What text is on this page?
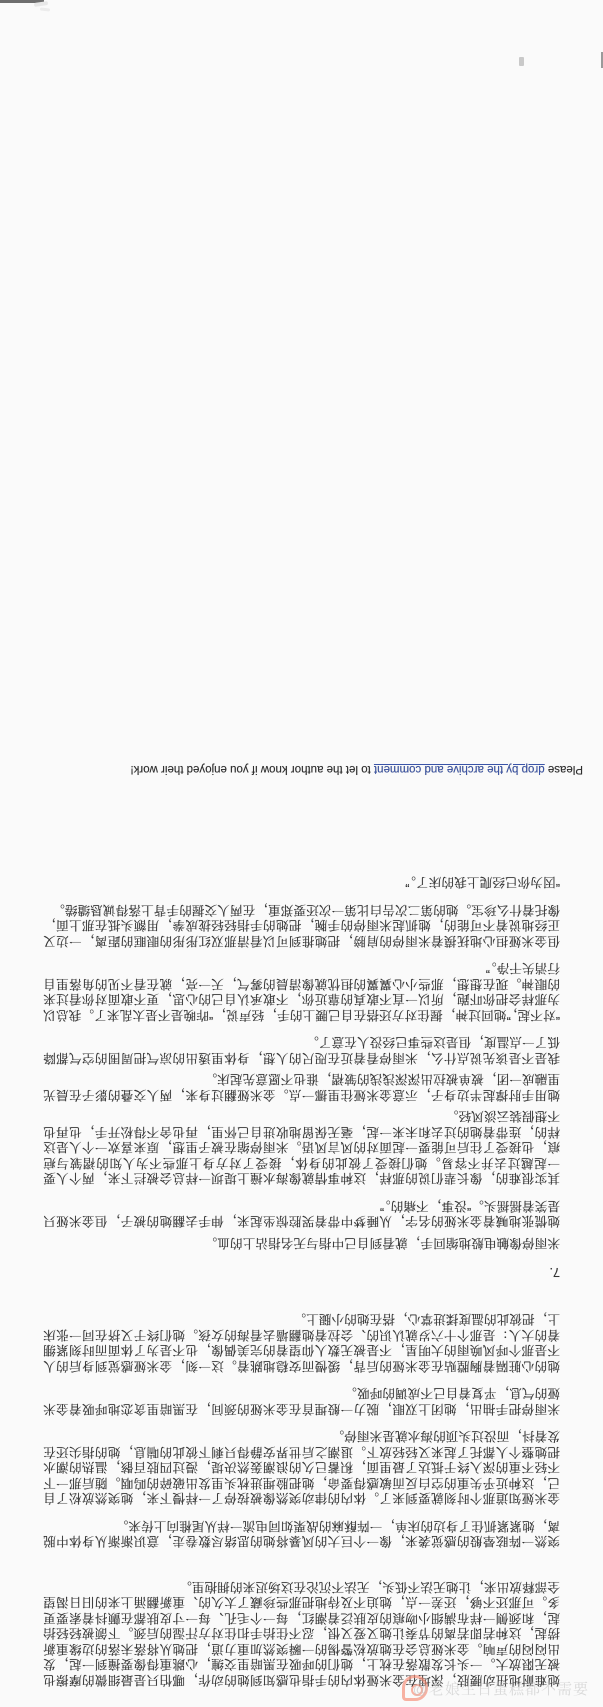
她难耐地扭动腰肢，深埋在金米娅体内的手指也感知到她的动作，哪怕只是最细微的摩擦也被无限放大。一头长发散落在枕上，她们的呼吸在黑暗里交缠，心跳重得像要撞到一起，发出闷闷的声响。金米娅总会在她放松警惕的一瞬突然加重力道，把她从将落未落的边缘重新捞起，这种若即若离的节奏让她又爱又恨，忍不住抬手扣住对方汗湿的后颈。下颌被轻轻抬起，和颈侧一样布满细小吻痕的皮肤泛着潮红，每一个毛孔、每一寸皮肤都在颤抖着索要更多。可那还不够，还差一点，她迫不及待地把那些珍藏了太久的、重新翻涌上来的旧日渴望全部释放出来，让她无法不低头，无法不沉沦在这场迟来的拥抱里。

突然一阵眩晕般的感觉袭来，像一个巨大的风暴将她的思绪尽数卷走，意识渐渐从身体中脱离，她紧紧抓住了身边的床单，一阵酥麻的战栗如同电流一样从尾椎向上传来。

金米娅知道那个时刻就要到来了。体内的律动突然像被按停了一样慢下来，她突然放松了自己，这种近乎失重的空白反而敏感得要命，她把脸埋进枕头里发出破碎的呜咽。随后那一下不轻不重的深入终于抵达了最里面，积蓄已久的浪潮轰然决堤，漫过四肢百骸，温热的潮水把她整个人都托了起来又轻轻放下。退潮之后世界安静得只剩下彼此的喘息，她的指尖还在发着抖，而没过头顶的海水就是米雨停。

米雨停把手抽出，她闭上双眼，脱力一般埋首在金米娅的颈间，在黑暗里贪恋地呼吸着金米娅的气息，平复着自己不成调的呼吸。

她的心脏隔着胸膛贴在金米娅的后背，缓慢而安稳地跳着。这一刻，金米娅感觉到身后的人不是那个呼风唤雨的大明星，不是被无数人仰望着的完美偶像，也不是为了体面而时刻紧绷着的大人：是那个十六岁就认识的、会拉着她翻墙去看海的女孩。她们终于又挤在同一张床上，把彼此的温度揉进掌心，搭在她的小腿上。

7.

米雨停像触电般地缩回手，就看到自己中指与无名指沾上的血。

她慌张地喊着金米娅的名字，从睡梦中带着哭腔惊坐起来，伸手去翻她的被子，但金米娅只是笑着摇摇头。“没事，不痛的。”

其实很难的，像长辈们说的那样，这种事情就像海水撞上堤坝一样总会被拦下来，两个人要一起越过去并不容易。她们接受了彼此的身体，接受了对方身上那些不为人知的褶皱与疤痕，也接受了往后可能要一起面对的风言风语。米雨停缩在被子里想，原来喜欢一个人是这样的，连带着她的过去和未来一起，毫无保留地收进自己怀里，再也舍不得松开手，也再也不想假装云淡风轻。

她用手肘撑起半边身子，示意金米娅往里挪一点。金米娅翻过身来，两人交叠的影子在晨光里融成一团，被单被拉出深深浅浅的皱褶，谁也不愿意先起床。

我是不是该先说点什么，米雨停看着近在咫尺的人想，身体里透出的凉气把周围的空气都降低了一点温度，但是这些事已经没人在意了。

“对不起，”她回过神，握住对方还搭在自己腰上的手，轻声说，“昨晚是不是太乱来了。我总以为那样会把你吓跑，所以一直不敢真的靠近你，不敢承认自己的心思，更不敢面对你看过来的眼神。现在想想，那些小心翼翼的担忧就像清晨的雾气，天一亮，就在看不见的角落里自行消失干净。”

但金米娅担心地抚摸着米雨停的肩膀，把她推到可以看清那双红彤彤的眼眶的距离，一边又正经地说着不可能的，她抓起米雨停的手腕，把她的手指轻轻拢成拳，用额头抵在那上面，像托着什么珍宝。她的第二次告白比第一次还要郑重，在两人交握的手背上落得诚恳缱绻。

“因为你已经爬上我的床了。”

Please drop by the archive and comment to let the author know if you enjoyed their work!

@老娘生日蛋糕都不需要
